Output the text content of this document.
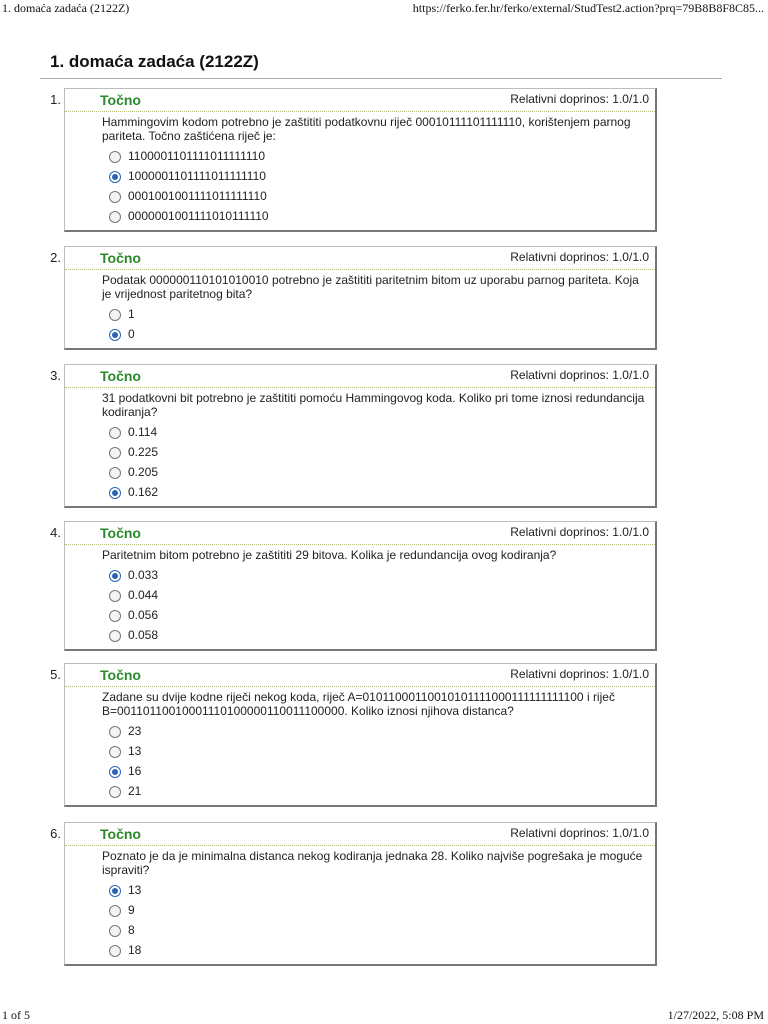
1. domaća zadaća (2122Z)	https://ferko.fer.hr/ferko/external/StudTest2.action?prq=79B8B8F8C85...
1. domaća zadaća (2122Z)
1.	Točno	Relativni doprinos: 1.0/1.0
Hammingovim kodom potrebno je zaštititi podatkovnu riječ 00010111101111110, korištenjem parnog pariteta. Točno zaštićena riječ je:
1100001101111011111110
1000001101111011111110
0001001001111011111110
0000001001111010111110
2.	Točno	Relativni doprinos: 1.0/1.0
Podatak 000000110101010010 potrebno je zaštititi paritetnim bitom uz uporabu parnog pariteta. Koja je vrijednost paritetnog bita?
1
0
3.	Točno	Relativni doprinos: 1.0/1.0
31 podatkovni bit potrebno je zaštititi pomoću Hammingovog koda. Koliko pri tome iznosi redundancija kodiranja?
0.114
0.225
0.205
0.162
4.	Točno	Relativni doprinos: 1.0/1.0
Paritetnim bitom potrebno je zaštititi 29 bitova. Kolika je redundancija ovog kodiranja?
0.033
0.044
0.056
0.058
5.	Točno	Relativni doprinos: 1.0/1.0
Zadane su dvije kodne riječi nekog koda, riječ A=01011000110010101111000111111111100 i riječ B=00110110010001110100000110011100000. Koliko iznosi njihova distanca?
23
13
16
21
6.	Točno	Relativni doprinos: 1.0/1.0
Poznato je da je minimalna distanca nekog kodiranja jednaka 28. Koliko najviše pogrešaka je moguće ispraviti?
13
9
8
18
1 of 5	1/27/2022, 5:08 PM
